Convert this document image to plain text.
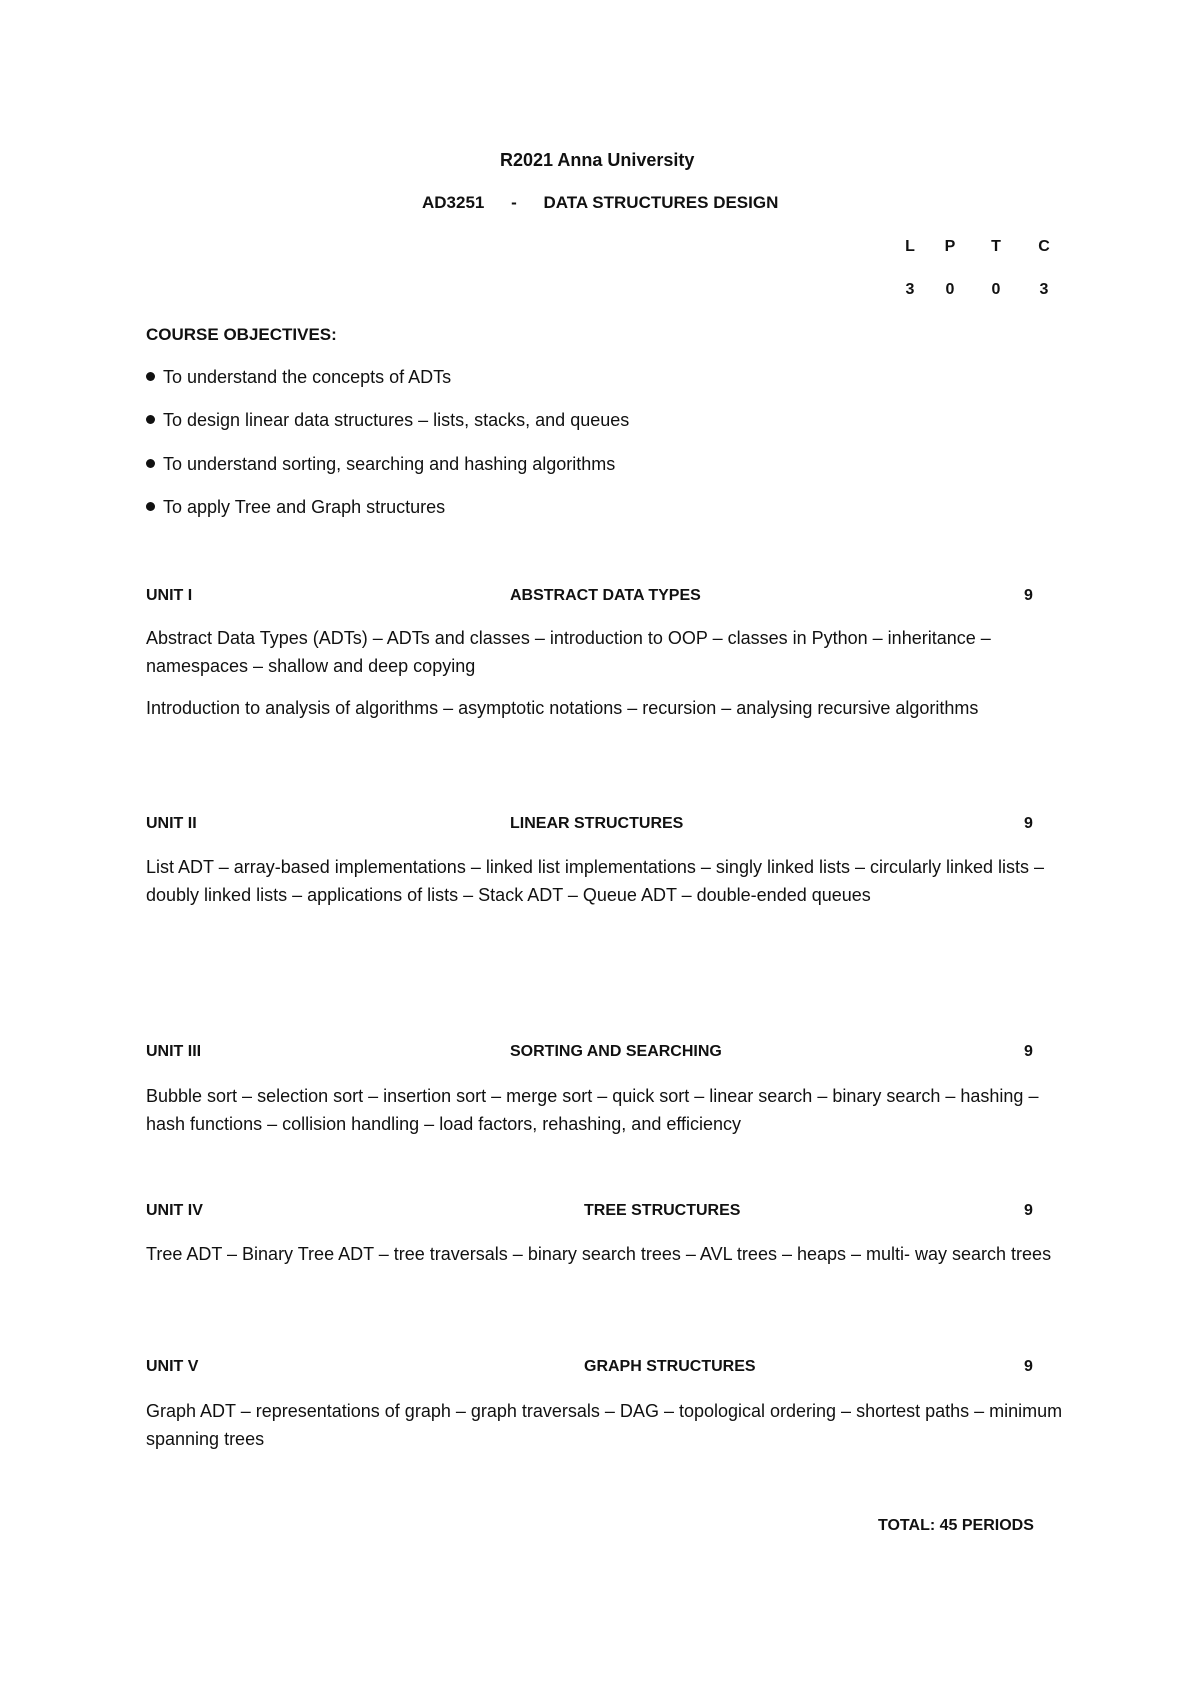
R2021 Anna University
AD3251 - DATA STRUCTURES DESIGN
L	P	T	C
3	0	0	3
COURSE OBJECTIVES:
To understand the concepts of ADTs
To design linear data structures – lists, stacks, and queues
To understand sorting, searching and hashing algorithms
To apply Tree and Graph structures
UNIT I	ABSTRACT DATA TYPES	9
Abstract Data Types (ADTs) – ADTs and classes – introduction to OOP – classes in Python – inheritance – namespaces – shallow and deep copying
Introduction to analysis of algorithms – asymptotic notations – recursion – analysing recursive algorithms
UNIT II	LINEAR STRUCTURES	9
List ADT – array-based implementations – linked list implementations – singly linked lists – circularly linked lists – doubly linked lists – applications of lists – Stack ADT – Queue ADT – double-ended queues
UNIT III	SORTING AND SEARCHING	9
Bubble sort – selection sort – insertion sort – merge sort – quick sort – linear search – binary search – hashing – hash functions – collision handling – load factors, rehashing, and efficiency
UNIT IV	TREE STRUCTURES	9
Tree ADT – Binary Tree ADT – tree traversals – binary search trees – AVL trees – heaps – multi- way search trees
UNIT V	GRAPH STRUCTURES	9
Graph ADT – representations of graph – graph traversals – DAG – topological ordering – shortest paths – minimum spanning trees
TOTAL: 45 PERIODS
